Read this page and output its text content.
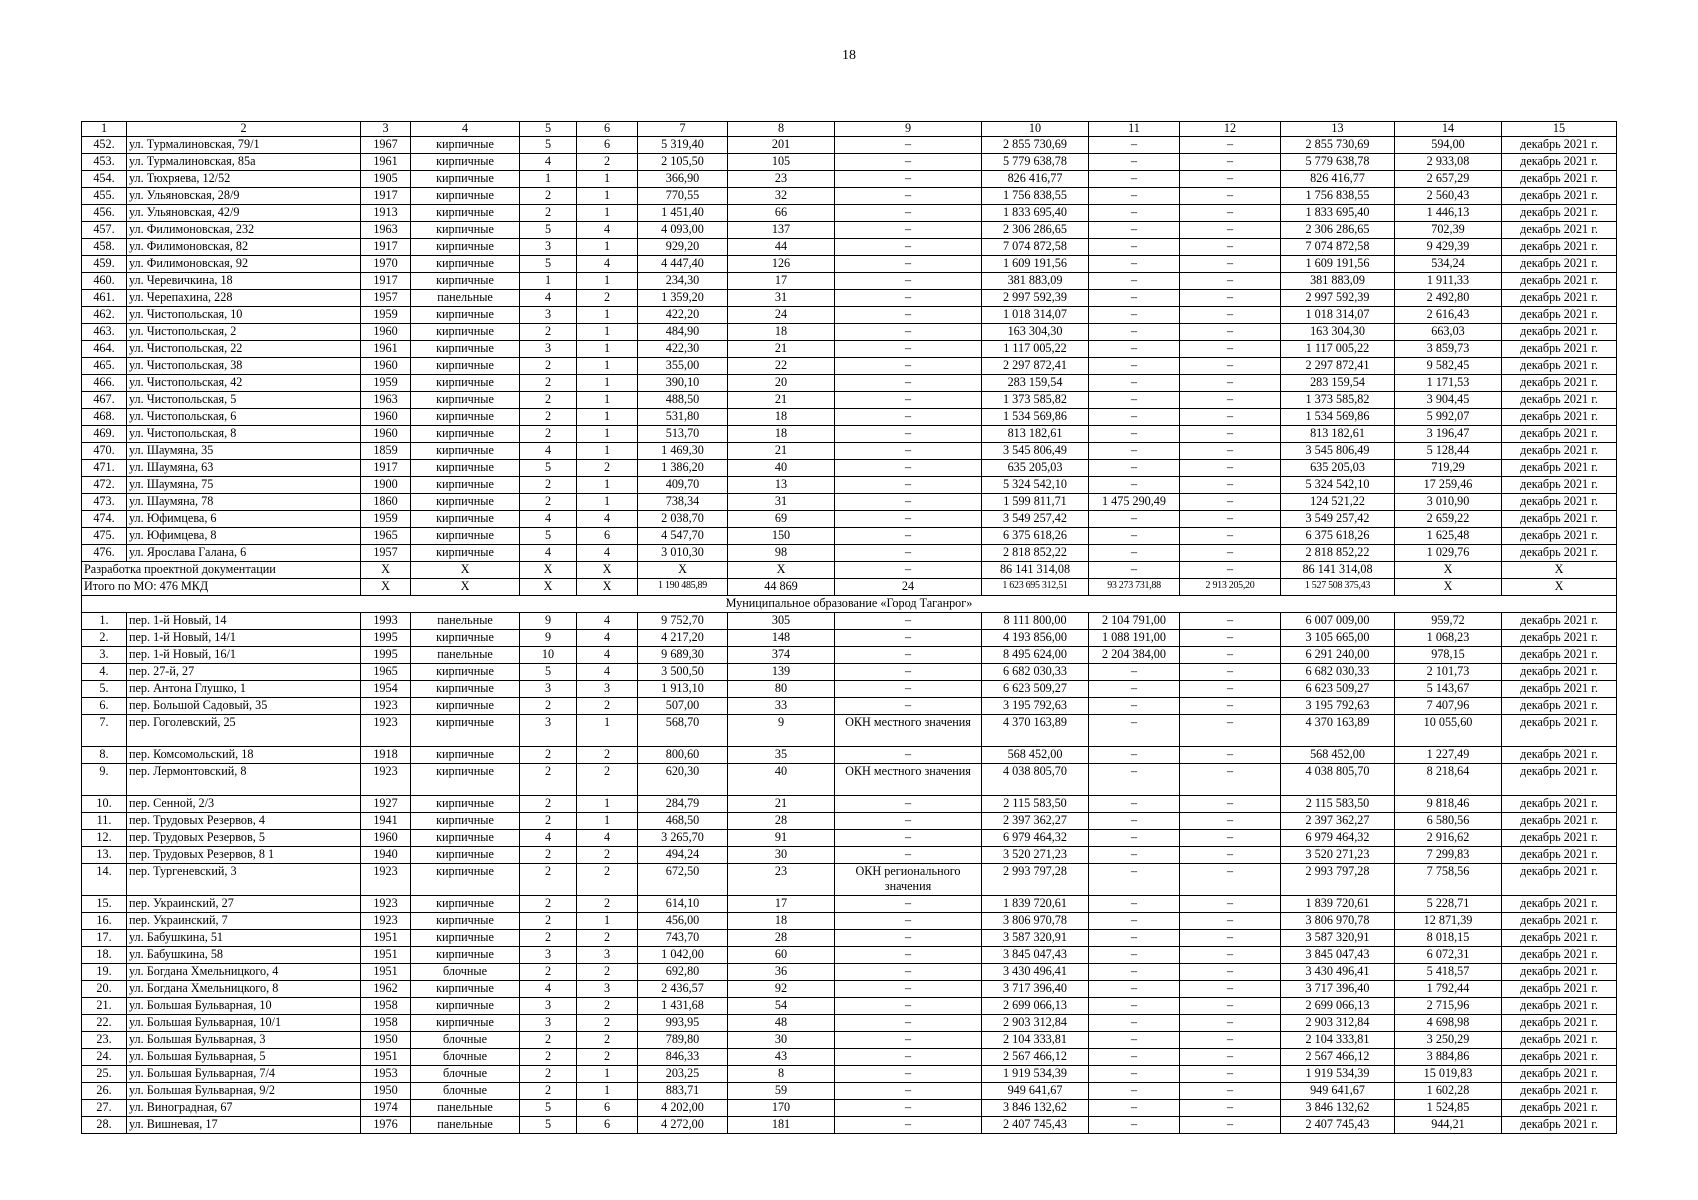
18
1	2	3	4	5	6	7	8	9	10	11	12	13	14	15
452.	ул. Турмалиновская, 79/1	1967	кирпичные	5	6	5 319,40	201	–	2 855 730,69	–	–	2 855 730,69	594,00	декабрь 2021 г.
453.	ул. Турмалиновская, 85а	1961	кирпичные	4	2	2 105,50	105	–	5 779 638,78	–	–	5 779 638,78	2 933,08	декабрь 2021 г.
454.	ул. Тюхряева, 12/52	1905	кирпичные	1	1	366,90	23	–	826 416,77	–	–	826 416,77	2 657,29	декабрь 2021 г.
455.	ул. Ульяновская, 28/9	1917	кирпичные	2	1	770,55	32	–	1 756 838,55	–	–	1 756 838,55	2 560,43	декабрь 2021 г.
456.	ул. Ульяновская, 42/9	1913	кирпичные	2	1	1 451,40	66	–	1 833 695,40	–	–	1 833 695,40	1 446,13	декабрь 2021 г.
457.	ул. Филимоновская, 232	1963	кирпичные	5	4	4 093,00	137	–	2 306 286,65	–	–	2 306 286,65	702,39	декабрь 2021 г.
458.	ул. Филимоновская, 82	1917	кирпичные	3	1	929,20	44	–	7 074 872,58	–	–	7 074 872,58	9 429,39	декабрь 2021 г.
459.	ул. Филимоновская, 92	1970	кирпичные	5	4	4 447,40	126	–	1 609 191,56	–	–	1 609 191,56	534,24	декабрь 2021 г.
460.	ул. Черевичкина, 18	1917	кирпичные	1	1	234,30	17	–	381 883,09	–	–	381 883,09	1 911,33	декабрь 2021 г.
461.	ул. Черепахина, 228	1957	панельные	4	2	1 359,20	31	–	2 997 592,39	–	–	2 997 592,39	2 492,80	декабрь 2021 г.
462.	ул. Чистопольская, 10	1959	кирпичные	3	1	422,20	24	–	1 018 314,07	–	–	1 018 314,07	2 616,43	декабрь 2021 г.
463.	ул. Чистопольская, 2	1960	кирпичные	2	1	484,90	18	–	163 304,30	–	–	163 304,30	663,03	декабрь 2021 г.
464.	ул. Чистопольская, 22	1961	кирпичные	3	1	422,30	21	–	1 117 005,22	–	–	1 117 005,22	3 859,73	декабрь 2021 г.
465.	ул. Чистопольская, 38	1960	кирпичные	2	1	355,00	22	–	2 297 872,41	–	–	2 297 872,41	9 582,45	декабрь 2021 г.
466.	ул. Чистопольская, 42	1959	кирпичные	2	1	390,10	20	–	283 159,54	–	–	283 159,54	1 171,53	декабрь 2021 г.
467.	ул. Чистопольская, 5	1963	кирпичные	2	1	488,50	21	–	1 373 585,82	–	–	1 373 585,82	3 904,45	декабрь 2021 г.
468.	ул. Чистопольская, 6	1960	кирпичные	2	1	531,80	18	–	1 534 569,86	–	–	1 534 569,86	5 992,07	декабрь 2021 г.
469.	ул. Чистопольская, 8	1960	кирпичные	2	1	513,70	18	–	813 182,61	–	–	813 182,61	3 196,47	декабрь 2021 г.
470.	ул. Шаумяна, 35	1859	кирпичные	4	1	1 469,30	21	–	3 545 806,49	–	–	3 545 806,49	5 128,44	декабрь 2021 г.
471.	ул. Шаумяна, 63	1917	кирпичные	5	2	1 386,20	40	–	635 205,03	–	–	635 205,03	719,29	декабрь 2021 г.
472.	ул. Шаумяна, 75	1900	кирпичные	2	1	409,70	13	–	5 324 542,10	–	–	5 324 542,10	17 259,46	декабрь 2021 г.
473.	ул. Шаумяна, 78	1860	кирпичные	2	1	738,34	31	–	1 599 811,71	1 475 290,49	–	124 521,22	3 010,90	декабрь 2021 г.
474.	ул. Юфимцева, 6	1959	кирпичные	4	4	2 038,70	69	–	3 549 257,42	–	–	3 549 257,42	2 659,22	декабрь 2021 г.
475.	ул. Юфимцева, 8	1965	кирпичные	5	6	4 547,70	150	–	6 375 618,26	–	–	6 375 618,26	1 625,48	декабрь 2021 г.
476.	ул. Ярослава Галана, 6	1957	кирпичные	4	4	3 010,30	98	–	2 818 852,22	–	–	2 818 852,22	1 029,76	декабрь 2021 г.
Разработка проектной документации		X	X	X	X	X	X	–	86 141 314,08	–	–	86 141 314,08	X	X
Итого по МО: 476 МКД		X	X	X	X	1 190 485,89	44 869	24	1 623 695 312,51	93 273 731,88	2 913 205,20	1 527 508 375,43	X	X
Муниципальное образование «Город Таганрог»														
1.	пер. 1-й Новый, 14	1993	панельные	9	4	9 752,70	305	–	8 111 800,00	2 104 791,00	–	6 007 009,00	959,72	декабрь 2021 г.
2.	пер. 1-й Новый, 14/1	1995	кирпичные	9	4	4 217,20	148	–	4 193 856,00	1 088 191,00	–	3 105 665,00	1 068,23	декабрь 2021 г.
3.	пер. 1-й Новый, 16/1	1995	панельные	10	4	9 689,30	374	–	8 495 624,00	2 204 384,00	–	6 291 240,00	978,15	декабрь 2021 г.
4.	пер. 27-й, 27	1965	кирпичные	5	4	3 500,50	139	–	6 682 030,33	–	–	6 682 030,33	2 101,73	декабрь 2021 г.
5.	пер. Антона Глушко, 1	1954	кирпичные	3	3	1 913,10	80	–	6 623 509,27	–	–	6 623 509,27	5 143,67	декабрь 2021 г.
6.	пер. Большой Садовый, 35	1923	кирпичные	2	2	507,00	33	–	3 195 792,63	–	–	3 195 792,63	7 407,96	декабрь 2021 г.
7.	пер. Гоголевский, 25	1923	кирпичные	3	1	568,70	9	ОКН местного значения	4 370 163,89	–	–	4 370 163,89	10 055,60	декабрь 2021 г.
8.	пер. Комсомольский, 18	1918	кирпичные	2	2	800,60	35	–	568 452,00	–	–	568 452,00	1 227,49	декабрь 2021 г.
9.	пер. Лермонтовский, 8	1923	кирпичные	2	2	620,30	40	ОКН местного значения	4 038 805,70	–	–	4 038 805,70	8 218,64	декабрь 2021 г.
10.	пер. Сенной, 2/3	1927	кирпичные	2	1	284,79	21	–	2 115 583,50	–	–	2 115 583,50	9 818,46	декабрь 2021 г.
11.	пер. Трудовых Резервов, 4	1941	кирпичные	2	1	468,50	28	–	2 397 362,27	–	–	2 397 362,27	6 580,56	декабрь 2021 г.
12.	пер. Трудовых Резервов, 5	1960	кирпичные	4	4	3 265,70	91	–	6 979 464,32	–	–	6 979 464,32	2 916,62	декабрь 2021 г.
13.	пер. Трудовых Резервов, 8 1	1940	кирпичные	2	2	494,24	30	–	3 520 271,23	–	–	3 520 271,23	7 299,83	декабрь 2021 г.
14.	пер. Тургеневский, 3	1923	кирпичные	2	2	672,50	23	ОКН регионального значения	2 993 797,28	–	–	2 993 797,28	7 758,56	декабрь 2021 г.
15.	пер. Украинский, 27	1923	кирпичные	2	2	614,10	17	–	1 839 720,61	–	–	1 839 720,61	5 228,71	декабрь 2021 г.
16.	пер. Украинский, 7	1923	кирпичные	2	1	456,00	18	–	3 806 970,78	–	–	3 806 970,78	12 871,39	декабрь 2021 г.
17.	ул. Бабушкина, 51	1951	кирпичные	2	2	743,70	28	–	3 587 320,91	–	–	3 587 320,91	8 018,15	декабрь 2021 г.
18.	ул. Бабушкина, 58	1951	кирпичные	3	3	1 042,00	60	–	3 845 047,43	–	–	3 845 047,43	6 072,31	декабрь 2021 г.
19.	ул. Богдана Хмельницкого, 4	1951	блочные	2	2	692,80	36	–	3 430 496,41	–	–	3 430 496,41	5 418,57	декабрь 2021 г.
20.	ул. Богдана Хмельницкого, 8	1962	кирпичные	4	3	2 436,57	92	–	3 717 396,40	–	–	3 717 396,40	1 792,44	декабрь 2021 г.
21.	ул. Большая Бульварная, 10	1958	кирпичные	3	2	1 431,68	54	–	2 699 066,13	–	–	2 699 066,13	2 715,96	декабрь 2021 г.
22.	ул. Большая Бульварная, 10/1	1958	кирпичные	3	2	993,95	48	–	2 903 312,84	–	–	2 903 312,84	4 698,98	декабрь 2021 г.
23.	ул. Большая Бульварная, 3	1950	блочные	2	2	789,80	30	–	2 104 333,81	–	–	2 104 333,81	3 250,29	декабрь 2021 г.
24.	ул. Большая Бульварная, 5	1951	блочные	2	2	846,33	43	–	2 567 466,12	–	–	2 567 466,12	3 884,86	декабрь 2021 г.
25.	ул. Большая Бульварная, 7/4	1953	блочные	2	1	203,25	8	–	1 919 534,39	–	–	1 919 534,39	15 019,83	декабрь 2021 г.
26.	ул. Большая Бульварная, 9/2	1950	блочные	2	1	883,71	59	–	949 641,67	–	–	949 641,67	1 602,28	декабрь 2021 г.
27.	ул. Виноградная, 67	1974	панельные	5	6	4 202,00	170	–	3 846 132,62	–	–	3 846 132,62	1 524,85	декабрь 2021 г.
28.	ул. Вишневая, 17	1976	панельные	5	6	4 272,00	181	–	2 407 745,43	–	–	2 407 745,43	944,21	декабрь 2021 г.
